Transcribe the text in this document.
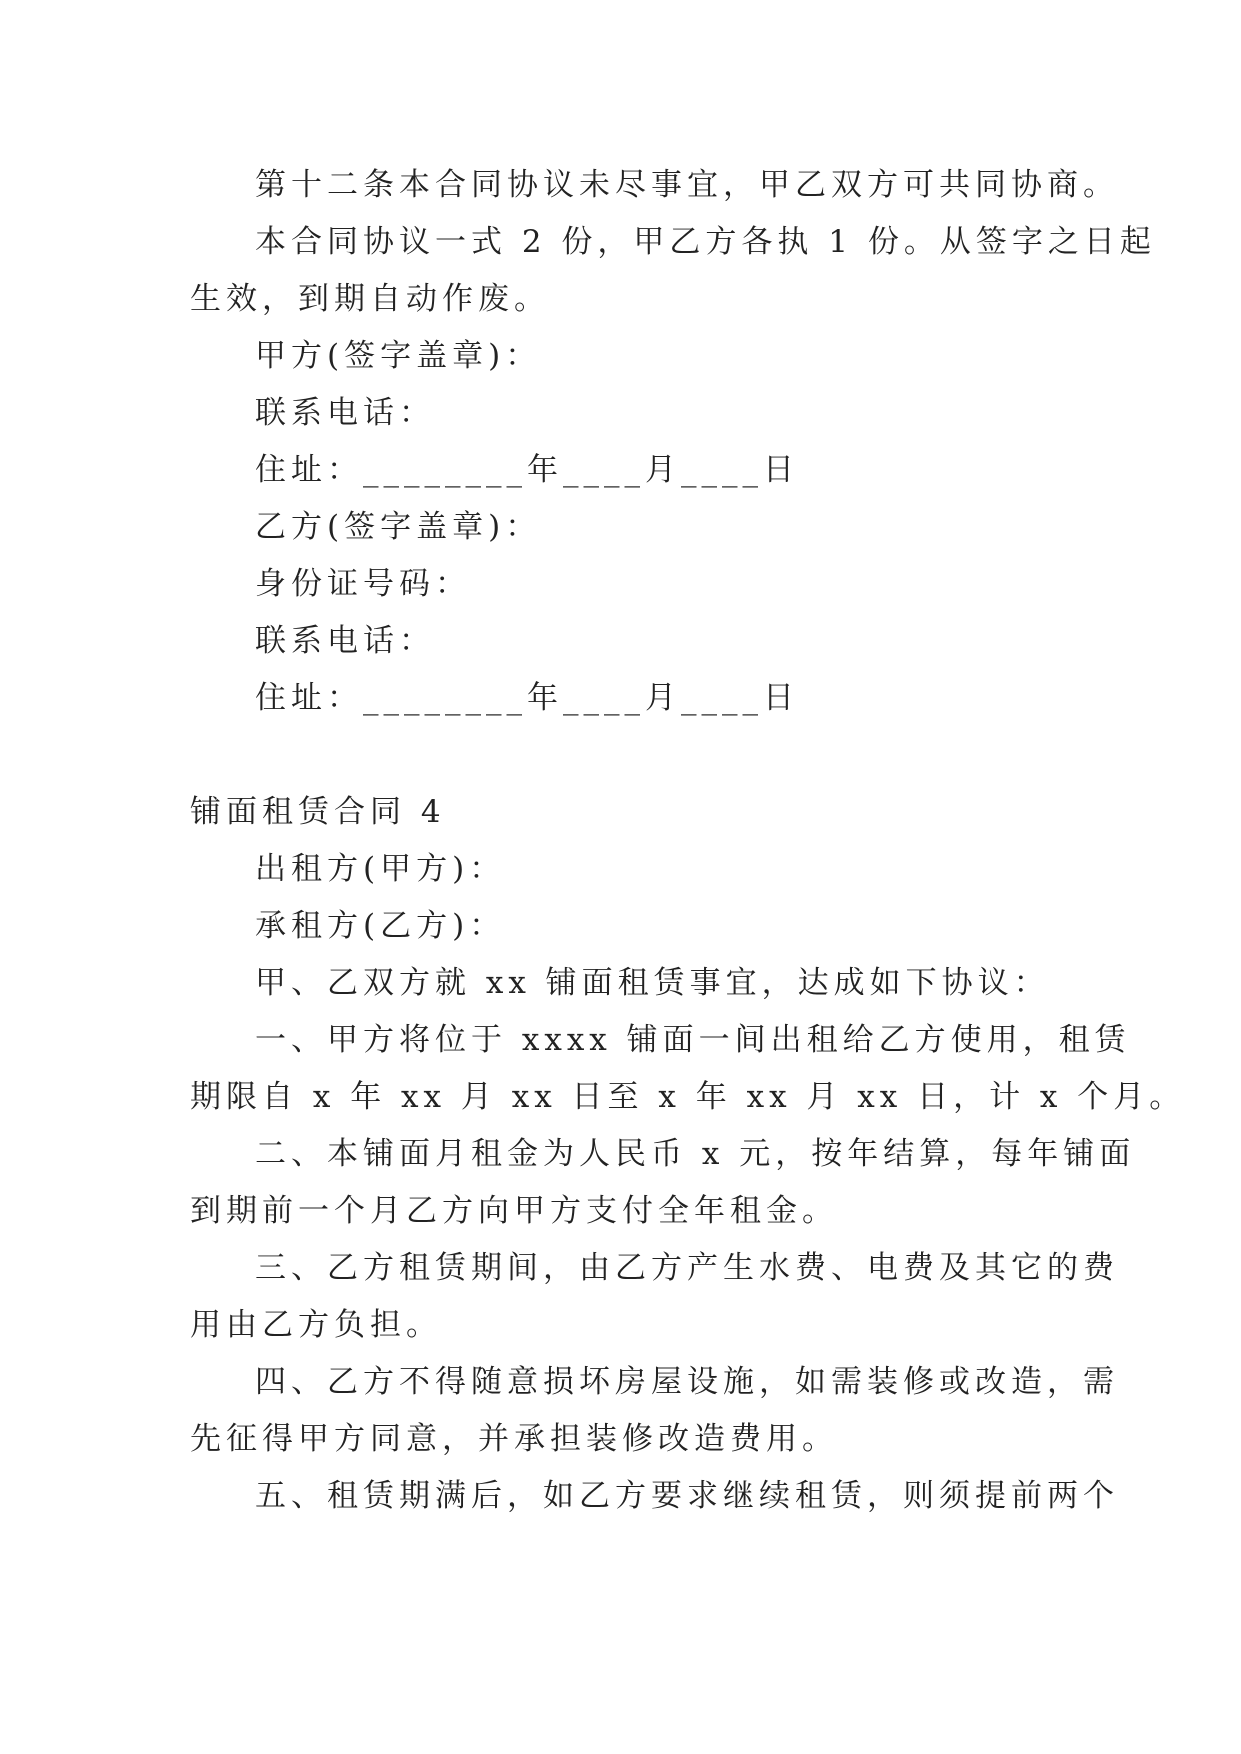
第十二条本合同协议未尽事宜，甲乙双方可共同协商。
本合同协议一式 2 份，甲乙方各执 1 份。从签字之日起
生效，到期自动作废。
甲方(签字盖章)：
联系电话：
住址：________年____月____日
乙方(签字盖章)：
身份证号码：
联系电话：
住址：________年____月____日
铺面租赁合同 4
出租方(甲方)：
承租方(乙方)：
甲、乙双方就 xx 铺面租赁事宜，达成如下协议：
一、甲方将位于 xxxx 铺面一间出租给乙方使用，租赁
期限自 x 年 xx 月 xx 日至 x 年 xx 月 xx 日，计 x 个月。
二、本铺面月租金为人民币 x 元，按年结算，每年铺面
到期前一个月乙方向甲方支付全年租金。
三、乙方租赁期间，由乙方产生水费、电费及其它的费
用由乙方负担。
四、乙方不得随意损坏房屋设施，如需装修或改造，需
先征得甲方同意，并承担装修改造费用。
五、租赁期满后，如乙方要求继续租赁，则须提前两个
